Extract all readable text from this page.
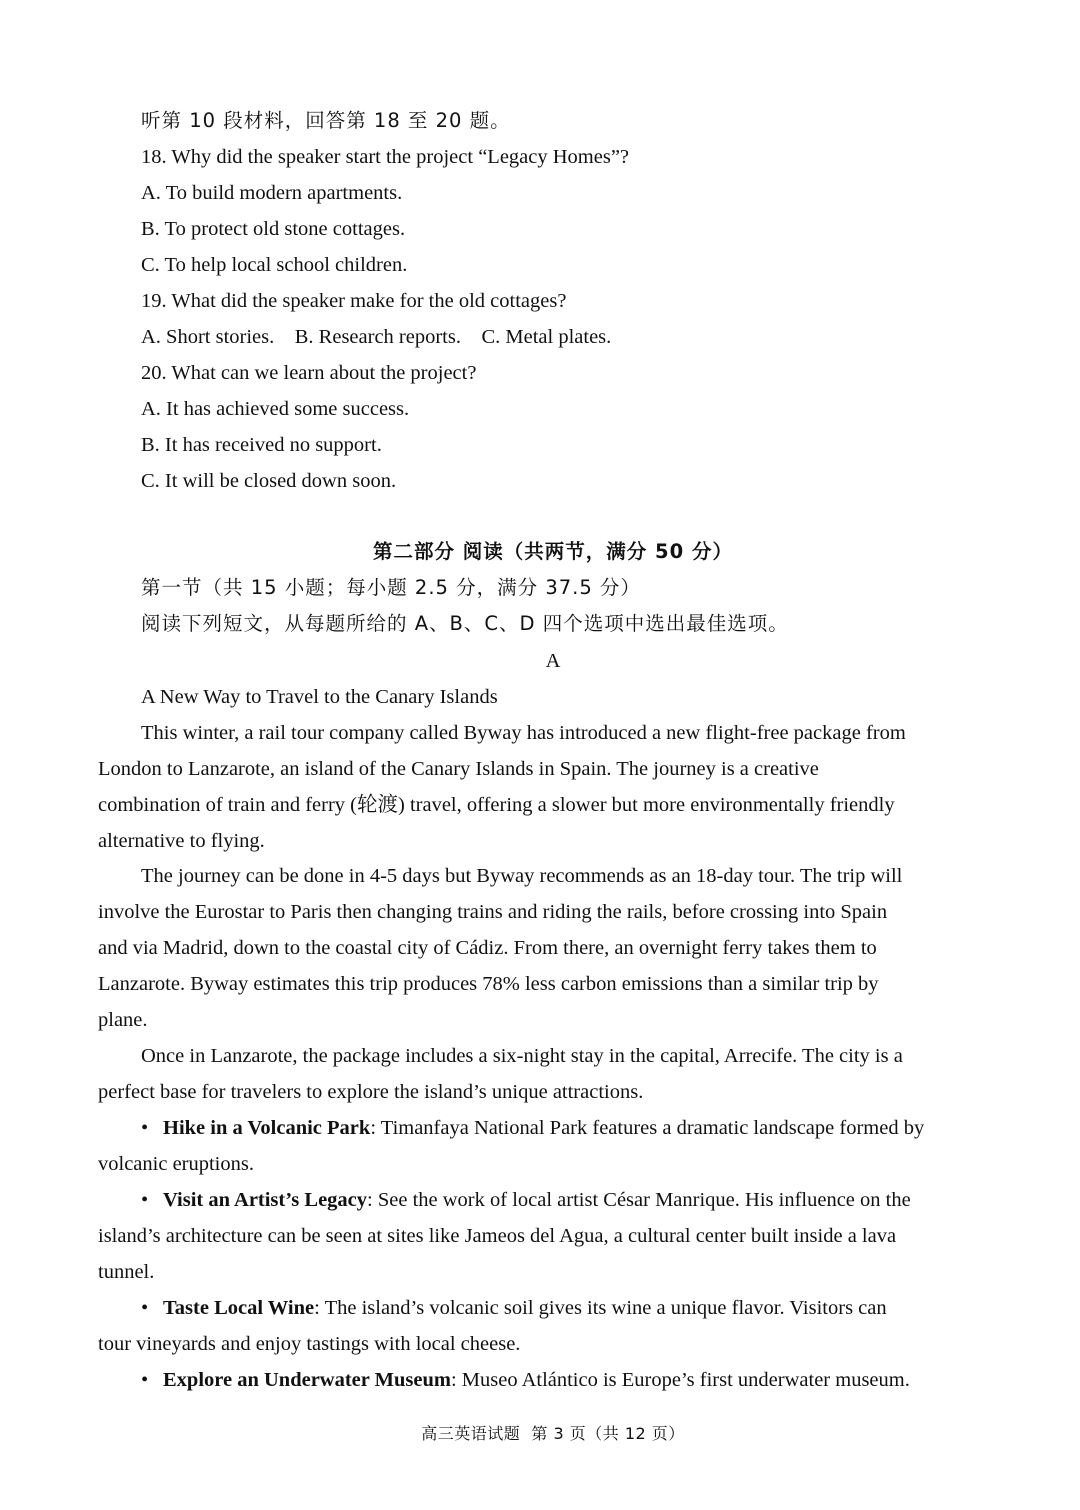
听第 10 段材料，回答第 18 至 20 题。
18. Why did the speaker start the project “Legacy Homes”?
A. To build modern apartments.
B. To protect old stone cottages.
C. To help local school children.
19. What did the speaker make for the old cottages?
A. Short stories.    B. Research reports.    C. Metal plates.
20. What can we learn about the project?
A. It has achieved some success.
B. It has received no support.
C. It will be closed down soon.
第二部分 阅读（共两节，满分 50 分）
第一节（共 15 小题；每小题 2.5 分，满分 37.5 分）
阅读下列短文，从每题所给的 A、B、C、D 四个选项中选出最佳选项。
A
A New Way to Travel to the Canary Islands
This winter, a rail tour company called Byway has introduced a new flight-free package from
London to Lanzarote, an island of the Canary Islands in Spain. The journey is a creative
combination of train and ferry (轮渡) travel, offering a slower but more environmentally friendly
alternative to flying.
The journey can be done in 4-5 days but Byway recommends as an 18-day tour. The trip will
involve the Eurostar to Paris then changing trains and riding the rails, before crossing into Spain
and via Madrid, down to the coastal city of Cádiz. From there, an overnight ferry takes them to
Lanzarote. Byway estimates this trip produces 78% less carbon emissions than a similar trip by
plane.
Once in Lanzarote, the package includes a six-night stay in the capital, Arrecife. The city is a
perfect base for travelers to explore the island’s unique attractions.
• Hike in a Volcanic Park: Timanfaya National Park features a dramatic landscape formed by
volcanic eruptions.
• Visit an Artist’s Legacy: See the work of local artist César Manrique. His influence on the
island’s architecture can be seen at sites like Jameos del Agua, a cultural center built inside a lava
tunnel.
• Taste Local Wine: The island’s volcanic soil gives its wine a unique flavor. Visitors can
tour vineyards and enjoy tastings with local cheese.
• Explore an Underwater Museum: Museo Atlántico is Europe’s first underwater museum.
高三英语试题  第 3 页（共 12 页）
